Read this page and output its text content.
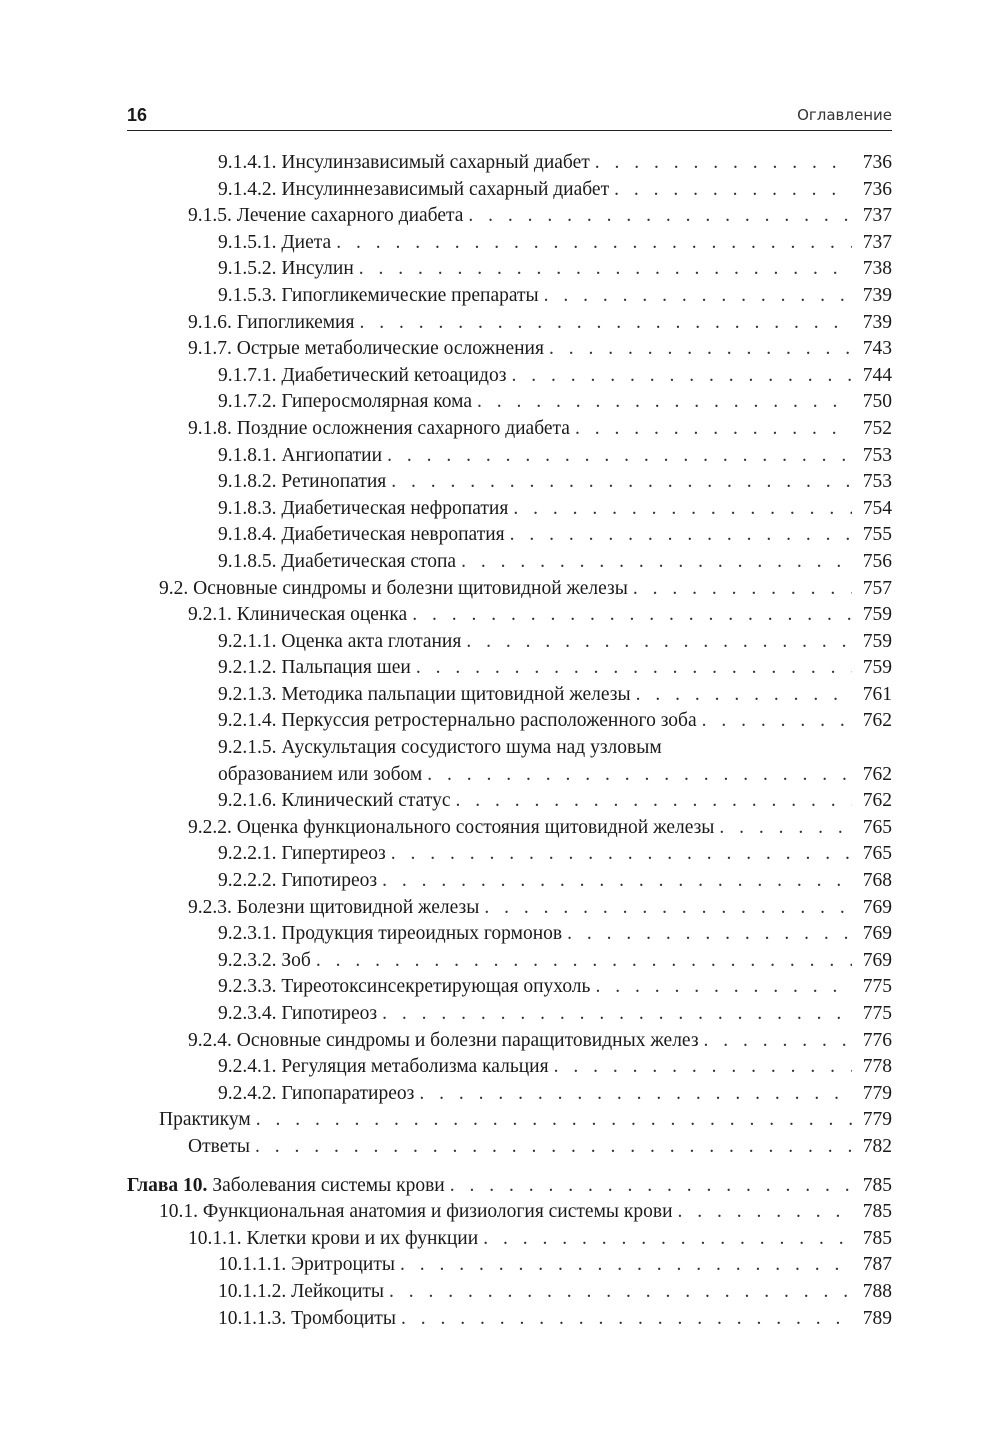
16	Оглавление
9.1.4.1. Инсулинзависимый сахарный диабет . . .	736
9.1.4.2. Инсулиннезависимый сахарный диабет . . .	736
9.1.5. Лечение сахарного диабета . . .	737
9.1.5.1. Диета . . .	737
9.1.5.2. Инсулин . . .	738
9.1.5.3. Гипогликемические препараты . . .	739
9.1.6. Гипогликемия . . .	739
9.1.7. Острые метаболические осложнения . . .	743
9.1.7.1. Диабетический кетоацидоз . . .	744
9.1.7.2. Гиперосмолярная кома . . .	750
9.1.8. Поздние осложнения сахарного диабета . . .	752
9.1.8.1. Ангиопатии . . .	753
9.1.8.2. Ретинопатия . . .	753
9.1.8.3. Диабетическая нефропатия . . .	754
9.1.8.4. Диабетическая невропатия . . .	755
9.1.8.5. Диабетическая стопа . . .	756
9.2. Основные синдромы и болезни щитовидной железы . . .	757
9.2.1. Клиническая оценка . . .	759
9.2.1.1. Оценка акта глотания . . .	759
9.2.1.2. Пальпация шеи . . .	759
9.2.1.3. Методика пальпации щитовидной железы . . .	761
9.2.1.4. Перкуссия ретростернально расположенного зоба . . .	762
9.2.1.5. Аускультация сосудистого шума над узловым
образованием или зобом . . .	762
9.2.1.6. Клинический статус . . .	762
9.2.2. Оценка функционального состояния щитовидной железы . . .	765
9.2.2.1. Гипертиреоз . . .	765
9.2.2.2. Гипотиреоз . . .	768
9.2.3. Болезни щитовидной железы . . .	769
9.2.3.1. Продукция тиреоидных гормонов . . .	769
9.2.3.2. Зоб . . .	769
9.2.3.3. Тиреотоксинсекретирующая опухоль . . .	775
9.2.3.4. Гипотиреоз . . .	775
9.2.4. Основные синдромы и болезни паращитовидных желез . . .	776
9.2.4.1. Регуляция метаболизма кальция . . .	778
9.2.4.2. Гипопаратиреоз . . .	779
Практикум . . .	779
Ответы . . .	782
Глава 10. Заболевания системы крови . . .	785
10.1. Функциональная анатомия и физиология системы крови . . .	785
10.1.1. Клетки крови и их функции . . .	785
10.1.1.1. Эритроциты . . .	787
10.1.1.2. Лейкоциты . . .	788
10.1.1.3. Тромбоциты . . .	789
